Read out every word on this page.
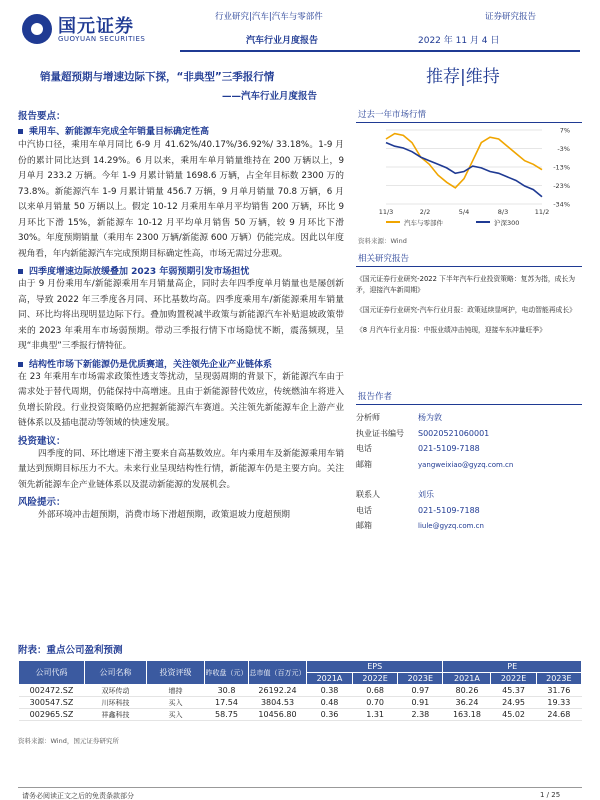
国元证券
GUOYUAN SECURITIES
行业研究|汽车|汽车与零部件	证券研究报告
汽车行业月度报告	2022 年 11 月 4 日
销量超预期与增速边际下探，“非典型”三季报行情
——汽车行业月度报告
推荐|维持
报告要点：
乘用车、新能源车完成全年销量目标确定性高
中汽协口径，乘用车单月同比 6-9 月 41.62%/40.17%/36.92%/ 33.18%。1-9 月份的累计同比达到 14.29%。6 月以来，乘用车单月销量维持在 200 万辆以上，9 月单月 233.2 万辆。今年 1-9 月累计销量 1698.6 万辆，占全年目标数 2300 万的 73.8%。新能源汽车 1-9 月累计销量 456.7 万辆，9 月单月销量 70.8 万辆，6 月以来单月销量 50 万辆以上。假定 10-12 月乘用车单月平均销售 200 万辆，环比 9 月环比下滑 15%，新能源车 10-12 月平均单月销售 50 万辆，较 9 月环比下滑 30%。年度预期销量（乘用车 2300 万辆/新能源 600 万辆）仍能完成。因此以年度视角看，年内新能源汽车完成预期目标确定性高，市场无需过分悲观。
四季度增速边际放缓叠加 2023 年弱预期引发市场担忧
由于 9 月份乘用车/新能源乘用车月销量高企，同时去年四季度单月销量也是屡创新高，导致 2022 年三季度各月同、环比基数均高。四季度乘用车/新能源乘用车销量同、环比均将出现明显边际下行。叠加购置税减半政策与新能源汽车补贴退坡政策带来的 2023 年乘用车市场弱预期。带动三季报行情下市场隐忧不断，震荡频现，呈现“非典型”三季报行情特征。
结构性市场下新能源仍是优质赛道，关注领先企业产业链体系
在 23 年乘用车市场需求政策性透支等扰动，呈现弱周期的背景下，新能源汽车由于需求处于替代周期，仍能保持中高增速。且由于新能源替代效应，传统燃油车将进入负增长阶段。行业投资策略仍应把握新能源汽车赛道。关注领先新能源车企上游产业链体系以及插电混动等领域的快速发展。
投资建议：
四季度的同、环比增速下滑主要来自高基数效应。年内乘用车及新能源乘用车销量达到预期目标压力不大。未来行业呈现结构性行情，新能源车仍是主要方向。关注领先新能源车企产业链体系以及混动新能源的发展机会。
风险提示：
外部环境冲击超预期，消费市场下滑超预期，政策退坡力度超预期
过去一年市场行情
7%
-3%
-13%
-23%
-34%
11/3	2/2	5/4	8/3	11/2
汽车与零部件	沪深300
资料来源：Wind
相关研究报告
《国元证券行业研究-2022 下半年汽车行业投资策略：复苏为指，成长为矛，迎接汽车新周期》
《国元证券行业研究-汽车行业月报：政策延续显呵护，电动智能再成长》
《8 月汽车行业月报：中报业绩冲击钝现，迎接车东冲量旺季》
报告作者
分析师	杨为敦
执业证书编号 S0020521060001
电话	021-5109-7188
邮箱	yangweixiao@gyzq.com.cn
联系人	刘乐
电话	021-5109-7188
邮箱	liule@gyzq.com.cn
附表：重点公司盈利预测
公司代码	公司名称	投资评级	昨收盘（元）	总市值（百万元）	EPS			PE		
					2021A	2022E	2023E	2021A	2022E	2023E
002472.SZ	双环传动	增持	30.8	26192.24	0.38	0.68	0.97	80.26	45.37	31.76
300547.SZ	川环科技	买入	17.54	3804.53	0.48	0.70	0.91	36.24	24.95	19.33
002965.SZ	祥鑫科技	买入	58.75	10456.80	0.36	1.31	2.38	163.18	45.02	24.68
资料来源：Wind，国元证券研究所
请务必阅读正文之后的免责条款部分	1 / 25
